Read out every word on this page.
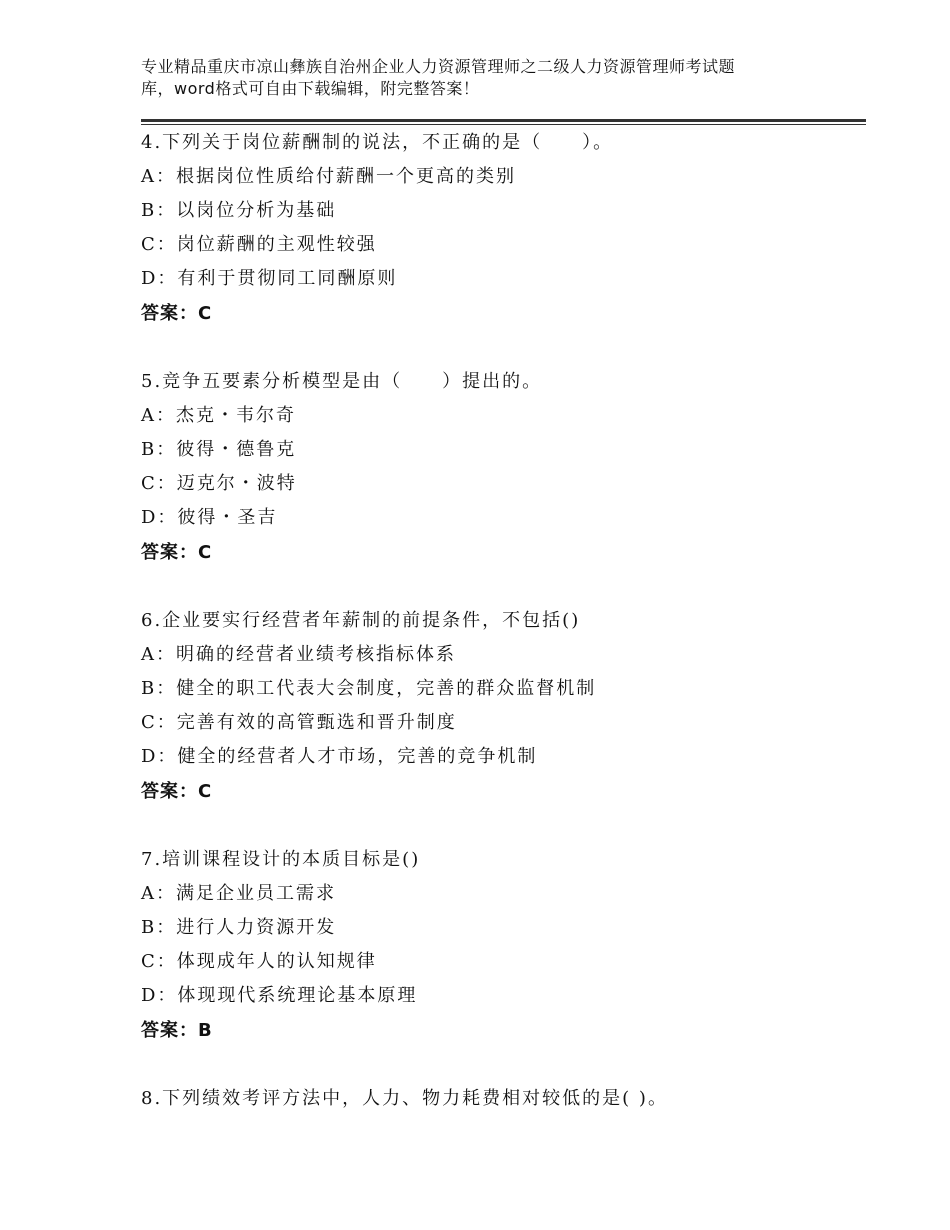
专业精品重庆市凉山彝族自治州企业人力资源管理师之二级人力资源管理师考试题
库，word格式可自由下载编辑，附完整答案！
4.下列关于岗位薪酬制的说法，不正确的是（　　）。
A：根据岗位性质给付薪酬一个更高的类别
B：以岗位分析为基础
C：岗位薪酬的主观性较强
D：有利于贯彻同工同酬原则
答案：C
5.竞争五要素分析模型是由（　　）提出的。
A：杰克・韦尔奇
B：彼得・德鲁克
C：迈克尔・波特
D：彼得・圣吉
答案：C
6.企业要实行经营者年薪制的前提条件，不包括()
A：明确的经营者业绩考核指标体系
B：健全的职工代表大会制度，完善的群众监督机制
C：完善有效的高管甄选和晋升制度
D：健全的经营者人才市场，完善的竞争机制
答案：C
7.培训课程设计的本质目标是()
A：满足企业员工需求
B：进行人力资源开发
C：体现成年人的认知规律
D：体现现代系统理论基本原理
答案：B
8.下列绩效考评方法中，人力、物力耗费相对较低的是( )。
